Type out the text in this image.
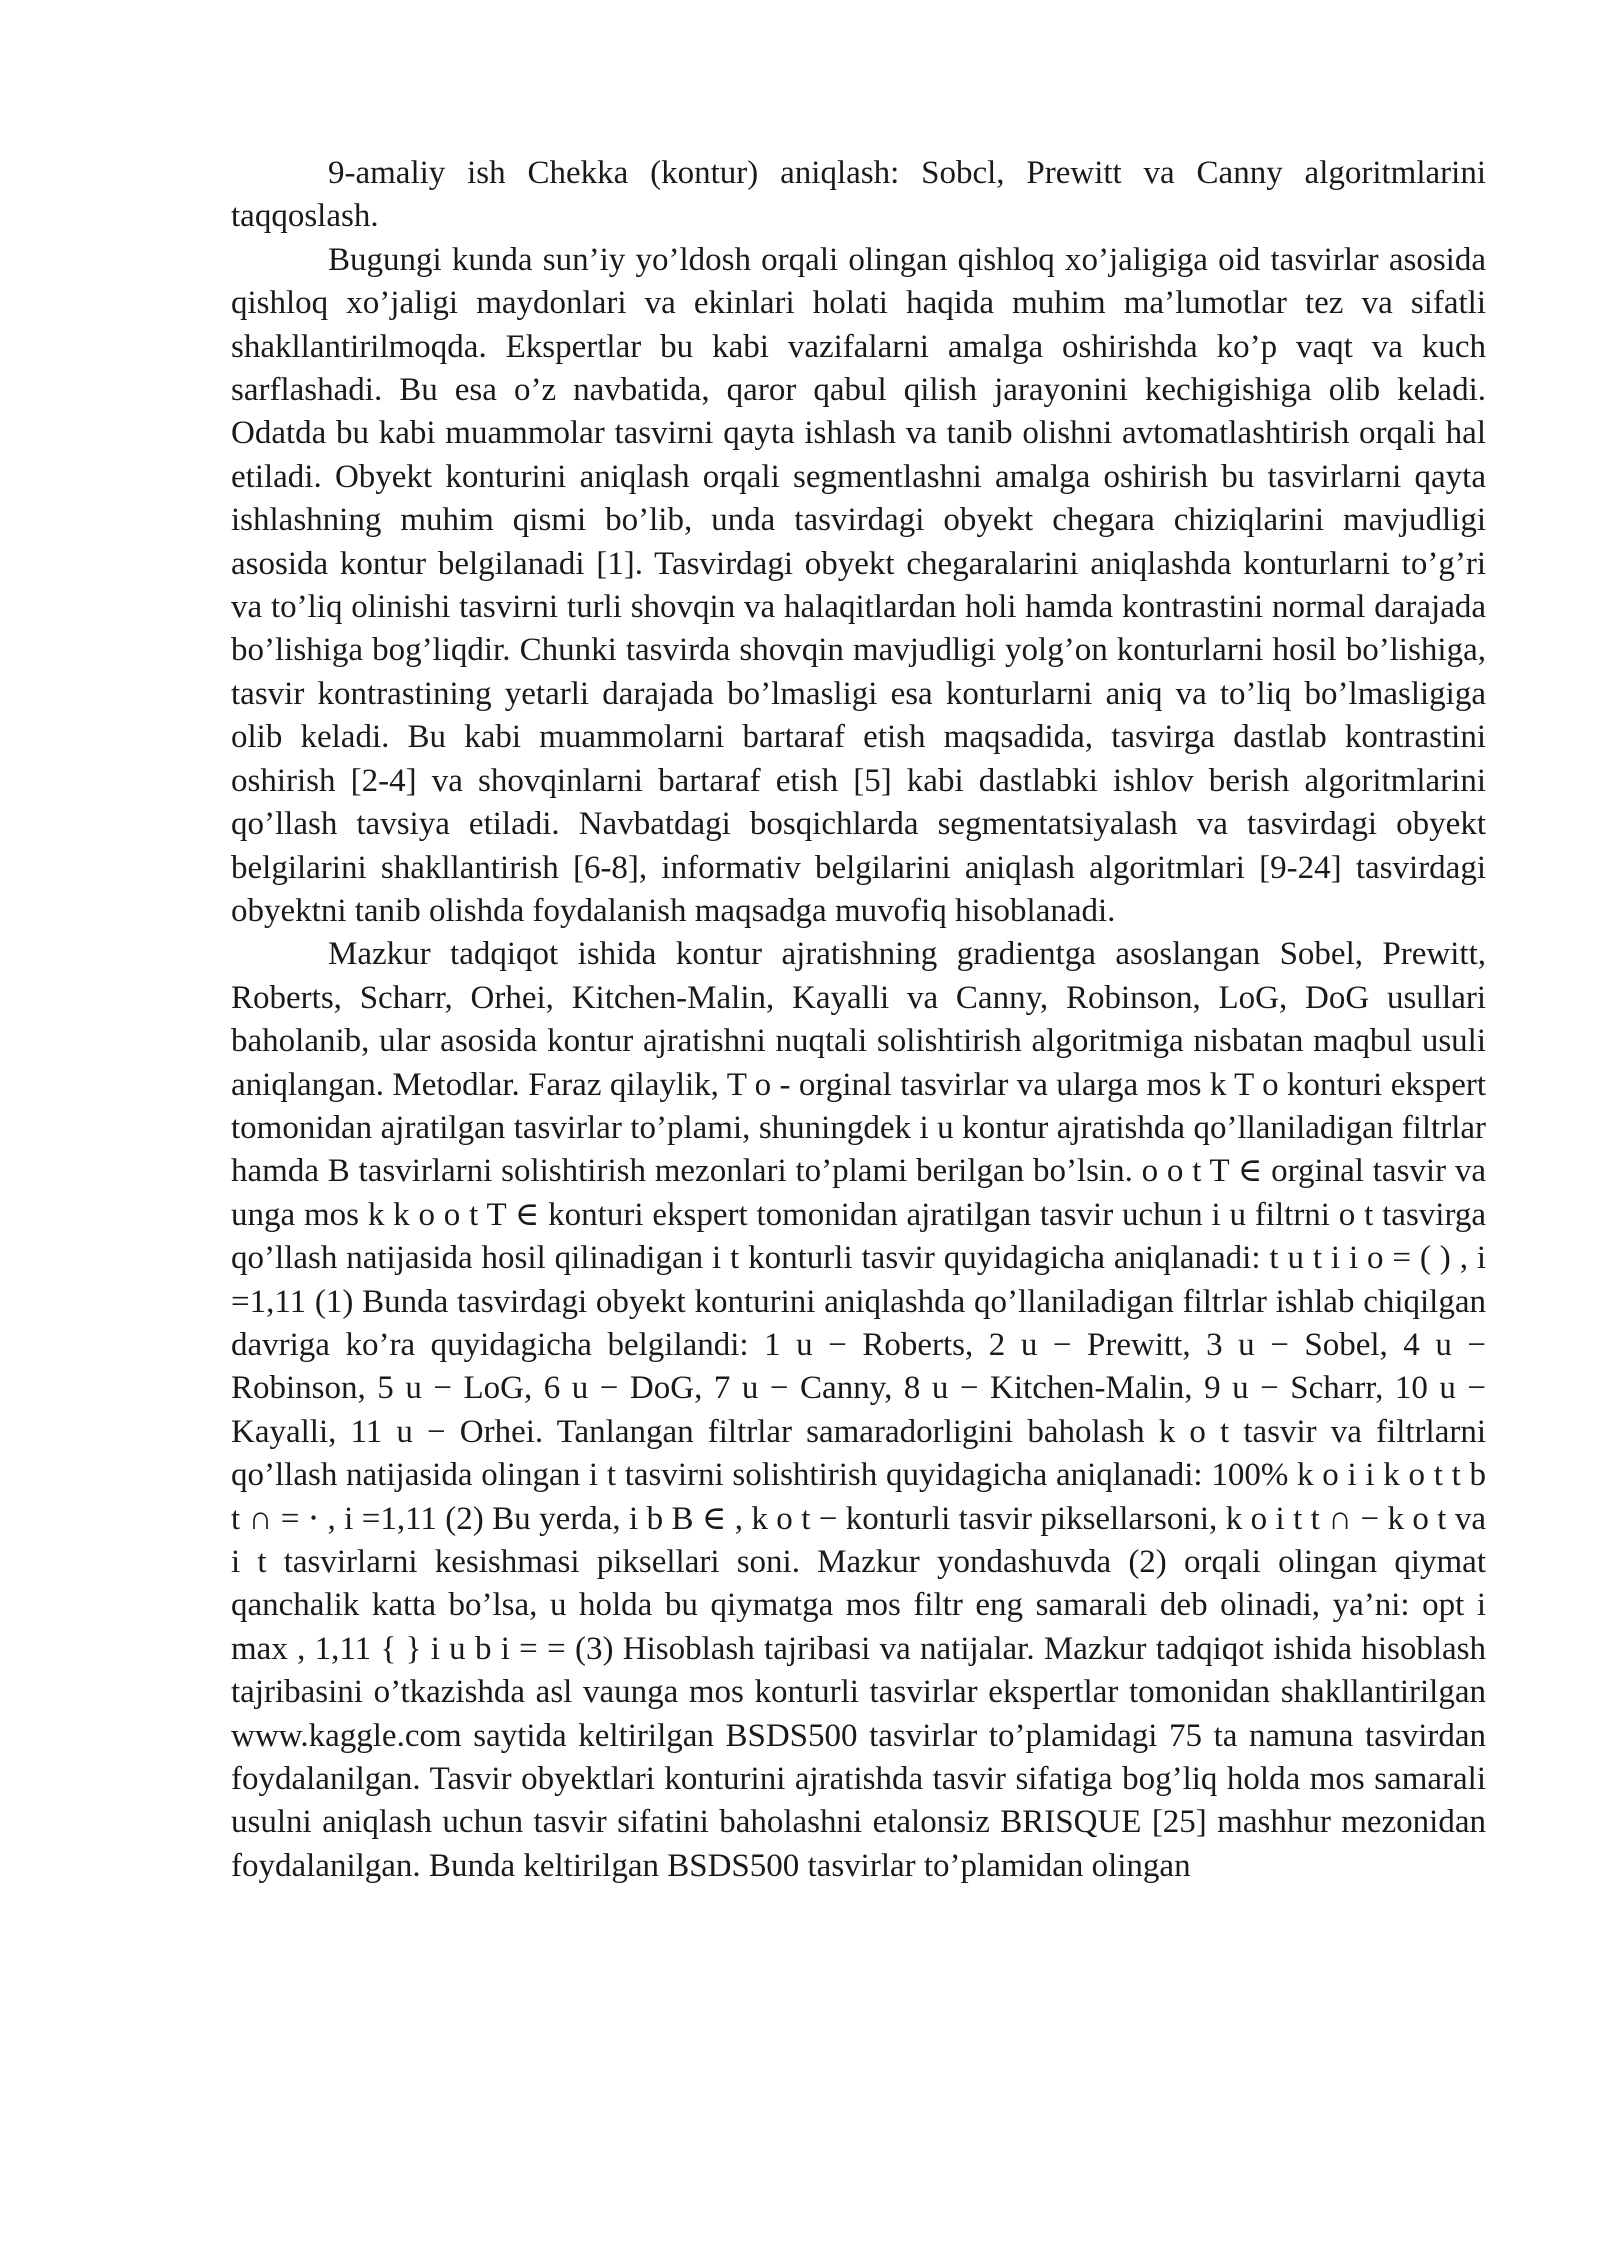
9-amaliy ish Chekka (kontur) aniqlash: Sobcl, Prewitt va Canny algoritmlarini taqqoslash.

Bugungi kunda sun’iy yo’ldosh orqali olingan qishloq xo’jaligiga oid tasvirlar asosida qishloq xo’jaligi maydonlari va ekinlari holati haqida muhim ma’lumotlar tez va sifatli shakllantirilmoqda. Ekspertlar bu kabi vazifalarni amalga oshirishda ko’p vaqt va kuch sarflashadi. Bu esa o’z navbatida, qaror qabul qilish jarayonini kechigishiga olib keladi. Odatda bu kabi muammolar tasvirni qayta ishlash va tanib olishni avtomatlashtirish orqali hal etiladi. Obyekt konturini aniqlash orqali segmentlashni amalga oshirish bu tasvirlarni qayta ishlashning muhim qismi bo’lib, unda tasvirdagi obyekt chegara chiziqlarini mavjudligi asosida kontur belgilanadi [1]. Tasvirdagi obyekt chegaralarini aniqlashda konturlarni to’g’ri va to’liq olinishi tasvirni turli shovqin va halaqitlardan holi hamda kontrastini normal darajada bo’lishiga bog’liqdir. Chunki tasvirda shovqin mavjudligi yolg’on konturlarni hosil bo’lishiga, tasvir kontrastining yetarli darajada bo’lmasligi esa konturlarni aniq va to’liq bo’lmasligiga olib keladi. Bu kabi muammolarni bartaraf etish maqsadida, tasvirga dastlab kontrastini oshirish [2-4] va shovqinlarni bartaraf etish [5] kabi dastlabki ishlov berish algoritmlarini qo’llash tavsiya etiladi. Navbatdagi bosqichlarda segmentatsiyalash va tasvirdagi obyekt belgilarini shakllantirish [6-8], informativ belgilarini aniqlash algoritmlari [9-24] tasvirdagi obyektni tanib olishda foydalanish maqsadga muvofiq hisoblanadi.

Mazkur tadqiqot ishida kontur ajratishning gradientga asoslangan Sobel, Prewitt, Roberts, Scharr, Orhei, Kitchen-Malin, Kayalli va Canny, Robinson, LoG, DoG usullari baholanib, ular asosida kontur ajratishni nuqtali solishtirish algoritmiga nisbatan maqbul usuli aniqlangan. Metodlar. Faraz qilaylik, T o - orginal tasvirlar va ularga mos k T o konturi ekspert tomonidan ajratilgan tasvirlar to’plami, shuningdek i u kontur ajratishda qo’llaniladigan filtrlar hamda B tasvirlarni solishtirish mezonlari to’plami berilgan bo’lsin. o o t T ∈ orginal tasvir va unga mos k k o o t T ∈ konturi ekspert tomonidan ajratilgan tasvir uchun i u filtrni o t tasvirga qo’llash natijasida hosil qilinadigan i t konturli tasvir quyidagicha aniqlanadi: t u t i i o = ( ) , i =1,11 (1) Bunda tasvirdagi obyekt konturini aniqlashda qo’llaniladigan filtrlar ishlab chiqilgan davriga ko’ra quyidagicha belgilandi: 1 u − Roberts, 2 u − Prewitt, 3 u − Sobel, 4 u − Robinson, 5 u − LoG, 6 u − DoG, 7 u − Canny, 8 u − Kitchen-Malin, 9 u − Scharr, 10 u − Kayalli, 11 u − Orhei. Tanlangan filtrlar samaradorligini baholash k o t tasvir va filtrlarni qo’llash natijasida olingan i t tasvirni solishtirish quyidagicha aniqlanadi: 100% k o i i k o t t b t ∩ = ⋅ , i =1,11 (2) Bu yerda, i b B ∈ , k o t − konturli tasvir piksellarsoni, k o i t t ∩ − k o t va i t tasvirlarni kesishmasi piksellari soni. Mazkur yondashuvda (2) orqali olingan qiymat qanchalik katta bo’lsa, u holda bu qiymatga mos filtr eng samarali deb olinadi, ya’ni: opt i max , 1,11 { } i u b i = = (3) Hisoblash tajribasi va natijalar. Mazkur tadqiqot ishida hisoblash tajribasini o’tkazishda asl vaunga mos konturli tasvirlar ekspertlar tomonidan shakllantirilgan www.kaggle.com saytida keltirilgan BSDS500 tasvirlar to’plamidagi 75 ta namuna tasvirdan foydalanilgan. Tasvir obyektlari konturini ajratishda tasvir sifatiga bog’liq holda mos samarali usulni aniqlash uchun tasvir sifatini baholashni etalonsiz BRISQUE [25] mashhur mezonidan foydalanilgan. Bunda keltirilgan BSDS500 tasvirlar to’plamidan olingan
